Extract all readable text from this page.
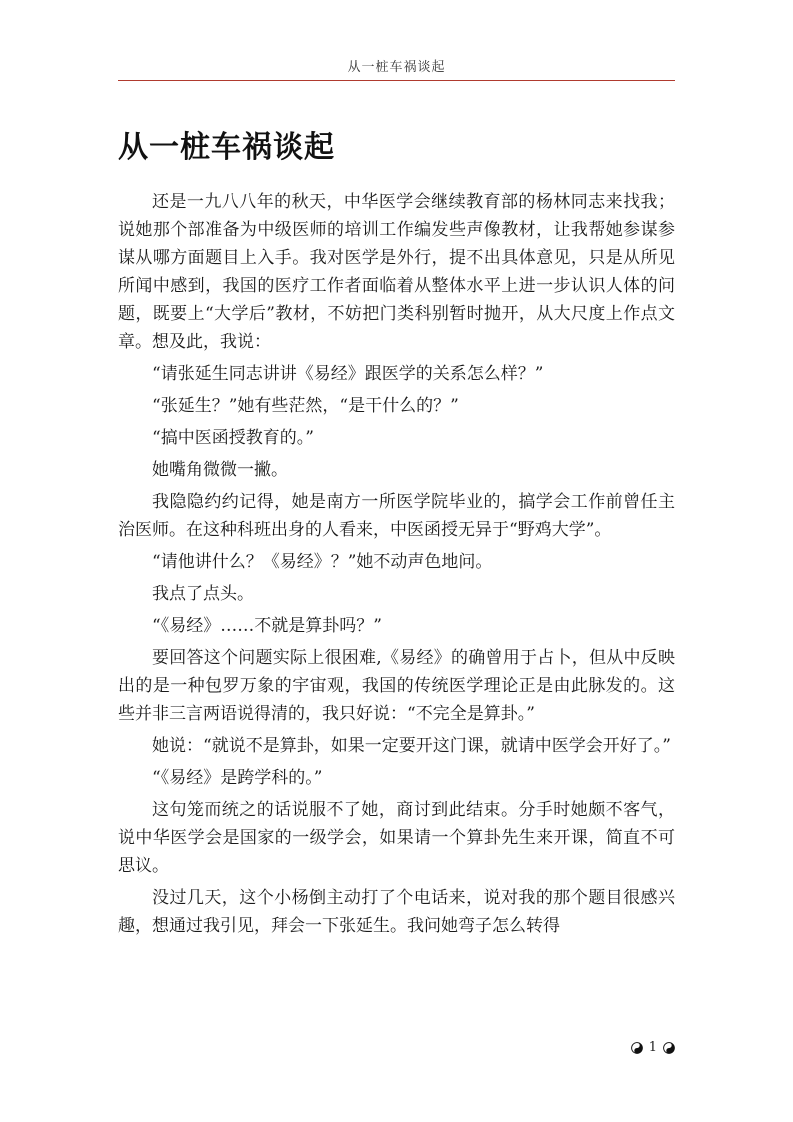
从一桩车祸谈起
从一桩车祸谈起

还是一九八八年的秋天，中华医学会继续教育部的杨林同志来找我；说她那个部准备为中级医师的培训工作编发些声像教材，让我帮她参谋参谋从哪方面题目上入手。我对医学是外行，提不出具体意见，只是从所见所闻中感到，我国的医疗工作者面临着从整体水平上进一步认识人体的问题，既要上“大学后”教材，不妨把门类科别暂时抛开，从大尺度上作点文章。想及此，我说：

“请张延生同志讲讲《易经》跟医学的关系怎么样？”

“张延生？”她有些茫然，“是干什么的？”

“搞中医函授教育的。”

她嘴角微微一撇。

我隐隐约约记得，她是南方一所医学院毕业的，搞学会工作前曾任主治医师。在这种科班出身的人看来，中医函授无异于“野鸡大学”。

“请他讲什么？《易经》？”她不动声色地问。

我点了点头。

“《易经》……不就是算卦吗？”

要回答这个问题实际上很困难,《易经》的确曾用于占卜，但从中反映出的是一种包罗万象的宇宙观，我国的传统医学理论正是由此脉发的。这些并非三言两语说得清的，我只好说：“不完全是算卦。”

她说：“就说不是算卦，如果一定要开这门课，就请中医学会开好了。”

“《易经》是跨学科的。”

这句笼而统之的话说服不了她，商讨到此结束。分手时她颇不客气，说中华医学会是国家的一级学会，如果请一个算卦先生来开课，简直不可思议。

没过几天，这个小杨倒主动打了个电话来，说对我的那个题目很感兴趣，想通过我引见，拜会一下张延生。我问她弯子怎么转得

1
